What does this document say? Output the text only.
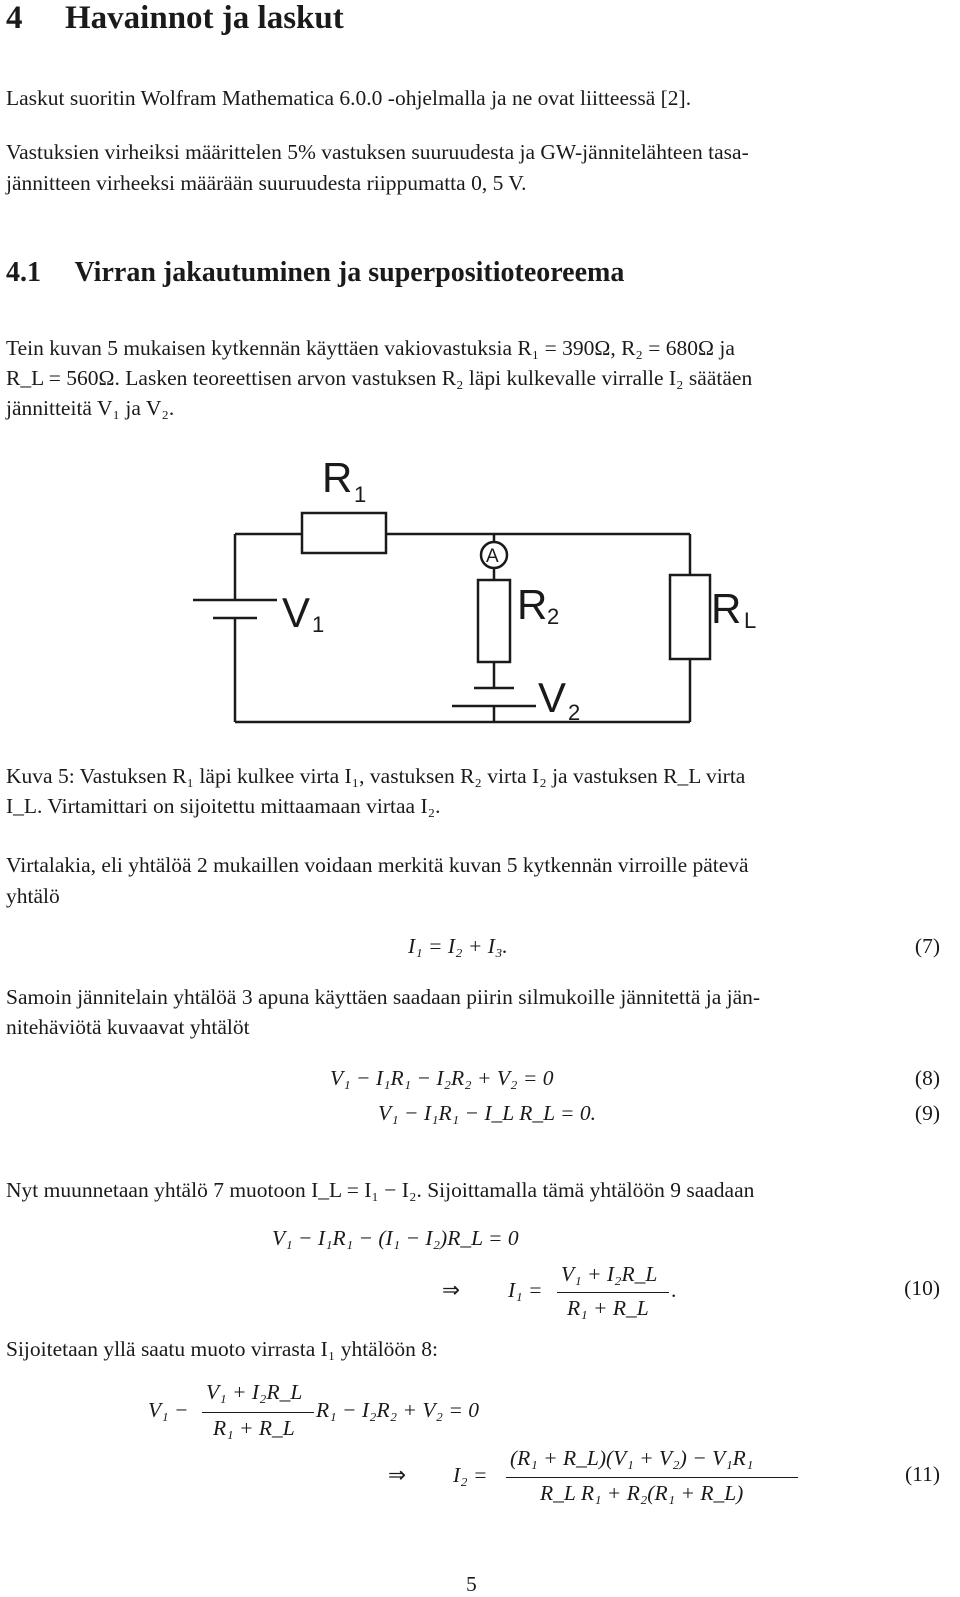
4 Havainnot ja laskut
Laskut suoritin Wolfram Mathematica 6.0.0 -ohjelmalla ja ne ovat liitteessä [2].
Vastuksien virheiksi määrittelen 5% vastuksen suuruudesta ja GW-jännitelähteen tasa-
jännitteen virheeksi määrään suuruudesta riippumatta 0, 5 V.
4.1 Virran jakautuminen ja superpositioteoreema
Tein kuvan 5 mukaisen kytkennän käyttäen vakiovastuksia R₁ = 390Ω, R₂ = 680Ω ja
R_L = 560Ω. Lasken teoreettisen arvon vastuksen R₂ läpi kulkevalle virralle I₂ säätäen
jännitteitä V₁ ja V₂.
R 1
V 1
A
R 2	R L
V 2
Kuva 5: Vastuksen R₁ läpi kulkee virta I₁, vastuksen R₂ virta I₂ ja vastuksen R_L virta
I_L. Virtamittari on sijoitettu mittaamaan virtaa I₂.
Virtalakia, eli yhtälöä 2 mukaillen voidaan merkitä kuvan 5 kytkennän virroille pätevä
yhtälö
I₁ = I₂ + I₃.	(7)
Samoin jännitelain yhtälöä 3 apuna käyttäen saadaan piirin silmukoille jännitettä ja jän-
nitehäviötä kuvaavat yhtälöt
V₁ − I₁R₁ − I₂R₂ + V₂ = 0	(8)
V₁ − I₁R₁ − I_L R_L = 0.	(9)
Nyt muunnetaan yhtälö 7 muotoon I_L = I₁ − I₂. Sijoittamalla tämä yhtälöön 9 saadaan
V₁ − I₁R₁ − (I₁ − I₂)R_L = 0
⇒ I₁ =
V₁ + I₂R_L
R₁ + R_L
.	(10)
Sijoitetaan yllä saatu muoto virrasta I₁ yhtälöön 8:
V₁ −
V₁ + I₂R_L
R₁ + R_L
R₁ − I₂R₂ + V₂ = 0
⇒ I₂ =
(R₁ + R_L)(V₁ + V₂) − V₁R₁
R_L R₁ + R₂(R₁ + R_L)
(11)
5
